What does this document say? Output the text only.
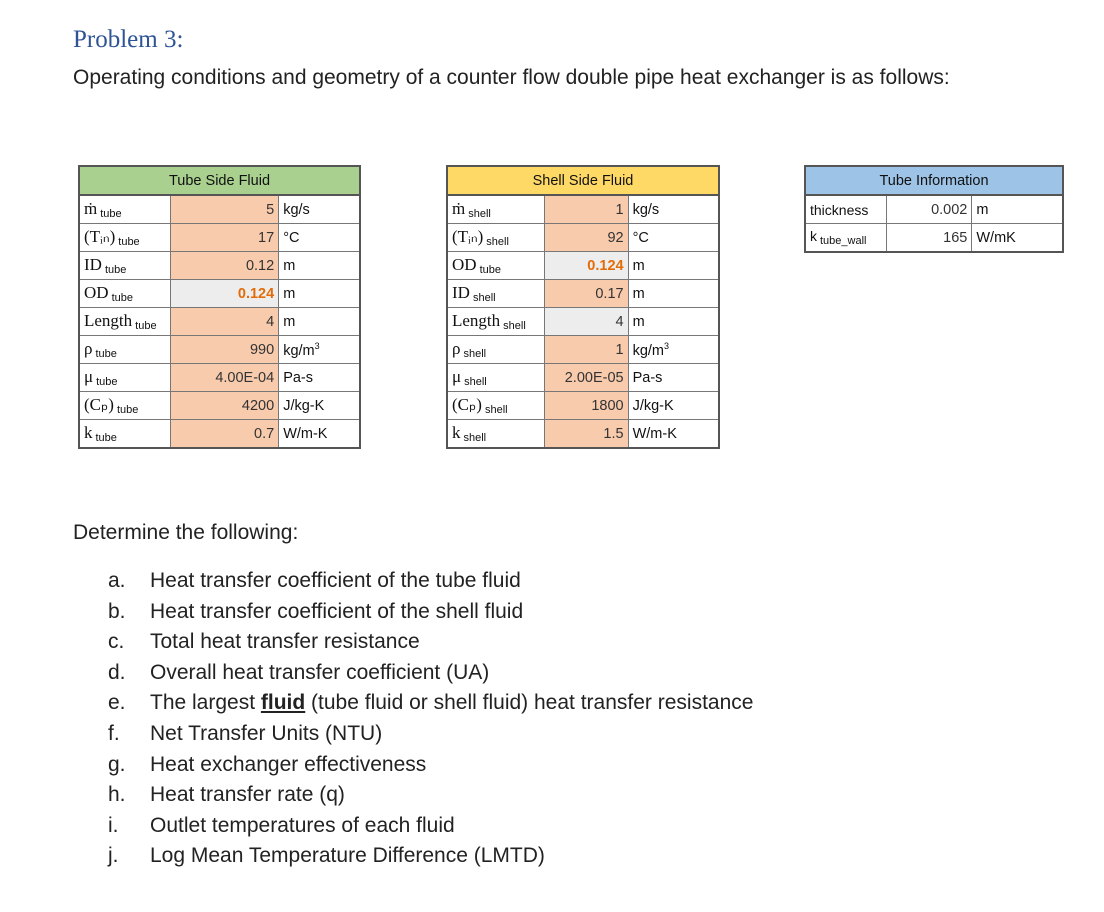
Problem 3:

Operating conditions and geometry of a counter flow double pipe heat exchanger is as follows:

Tube Side Fluid		
ṁ $_{tube}$	5	kg/s
(Tᵢₙ) $_{tube}$	17	°C
ID $_{tube}$	0.12	m
OD $_{tube}$	0.124	m
Length $_{tube}$	4	m
ρ $_{tube}$	990	$kg/m^3$
μ $_{tube}$	4.00E-04	Pa-s
(Cₚ) $_{tube}$	4200	J/kg-K
k $_{tube}$	0.7	W/m-K
Shell Side Fluid		
ṁ $_{shell}$	1	kg/s
(Tᵢₙ) $_{shell}$	92	°C
OD $_{tube}$	0.124	m
ID $_{shell}$	0.17	m
Length $_{shell}$	4	m
ρ $_{shell}$	1	$kg/m^3$
μ $_{shell}$	2.00E-05	Pa-s
(Cₚ) $_{shell}$	1800	J/kg-K
k $_{shell}$	1.5	W/m-K
Tube Information		
thickness	0.002	m
k $_{tube\_wall}$	165	W/mK

Determine the following:

a.	Heat transfer coefficient of the tube fluid
b.	Heat transfer coefficient of the shell fluid
c.	Total heat transfer resistance
d.	Overall heat transfer coefficient (UA)
e.	The largest fluid (tube fluid or shell fluid) heat transfer resistance
f.	Net Transfer Units (NTU)
g.	Heat exchanger effectiveness
h.	Heat transfer rate (q)
i.	Outlet temperatures of each fluid
j.	Log Mean Temperature Difference (LMTD)
